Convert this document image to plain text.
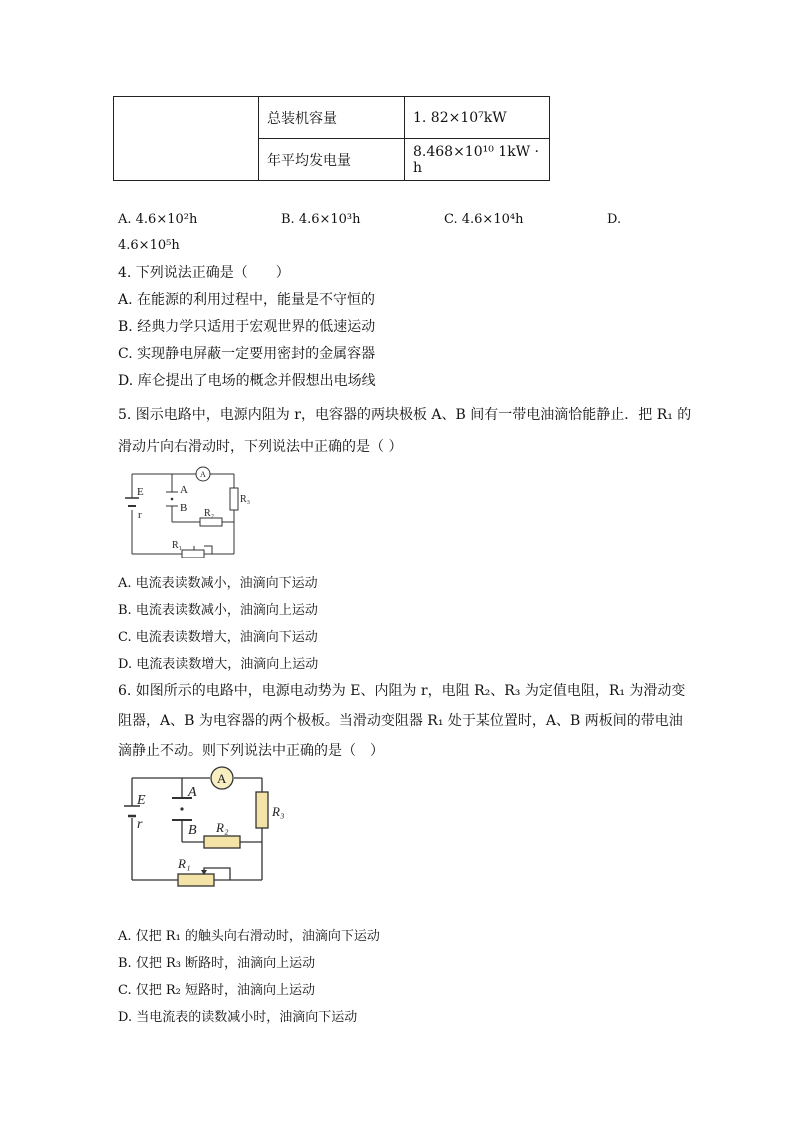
	总装机容量	1. 82×10⁷kW
	年平均发电量	8.468×10¹⁰ 1kW · h
A. 4.6×10²h	B. 4.6×10³h	C. 4.6×10⁴h	D.
4.6×10⁵h
4. 下列说法正确是（　　）
A. 在能源的利用过程中，能量是不守恒的
B. 经典力学只适用于宏观世界的低速运动
C. 实现静电屏蔽一定要用密封的金属容器
D. 库仑提出了电场的概念并假想出电场线
5. 图示电路中，电源内阻为 r，电容器的两块极板 A、B 间有一带电油滴恰能静止．把 R₁ 的
滑动片向右滑动时，下列说法中正确的是（ ）
A
E
r
A
B
R₃
R₂
R₁
A. 电流表读数减小，油滴向下运动
B. 电流表读数减小，油滴向上运动
C. 电流表读数增大，油滴向下运动
D. 电流表读数增大，油滴向上运动
6. 如图所示的电路中，电源电动势为 E、内阻为 r，电阻 R₂、R₃ 为定值电阻，R₁ 为滑动变
阻器，A、B 为电容器的两个极板。当滑动变阻器 R₁ 处于某位置时，A、B 两板间的带电油
滴静止不动。则下列说法中正确的是（　）
A
E
r
A
B
R₃
R₂
R₁
A. 仅把 R₁ 的触头向右滑动时，油滴向下运动
B. 仅把 R₃ 断路时，油滴向上运动
C. 仅把 R₂ 短路时，油滴向上运动
D. 当电流表的读数减小时，油滴向下运动
